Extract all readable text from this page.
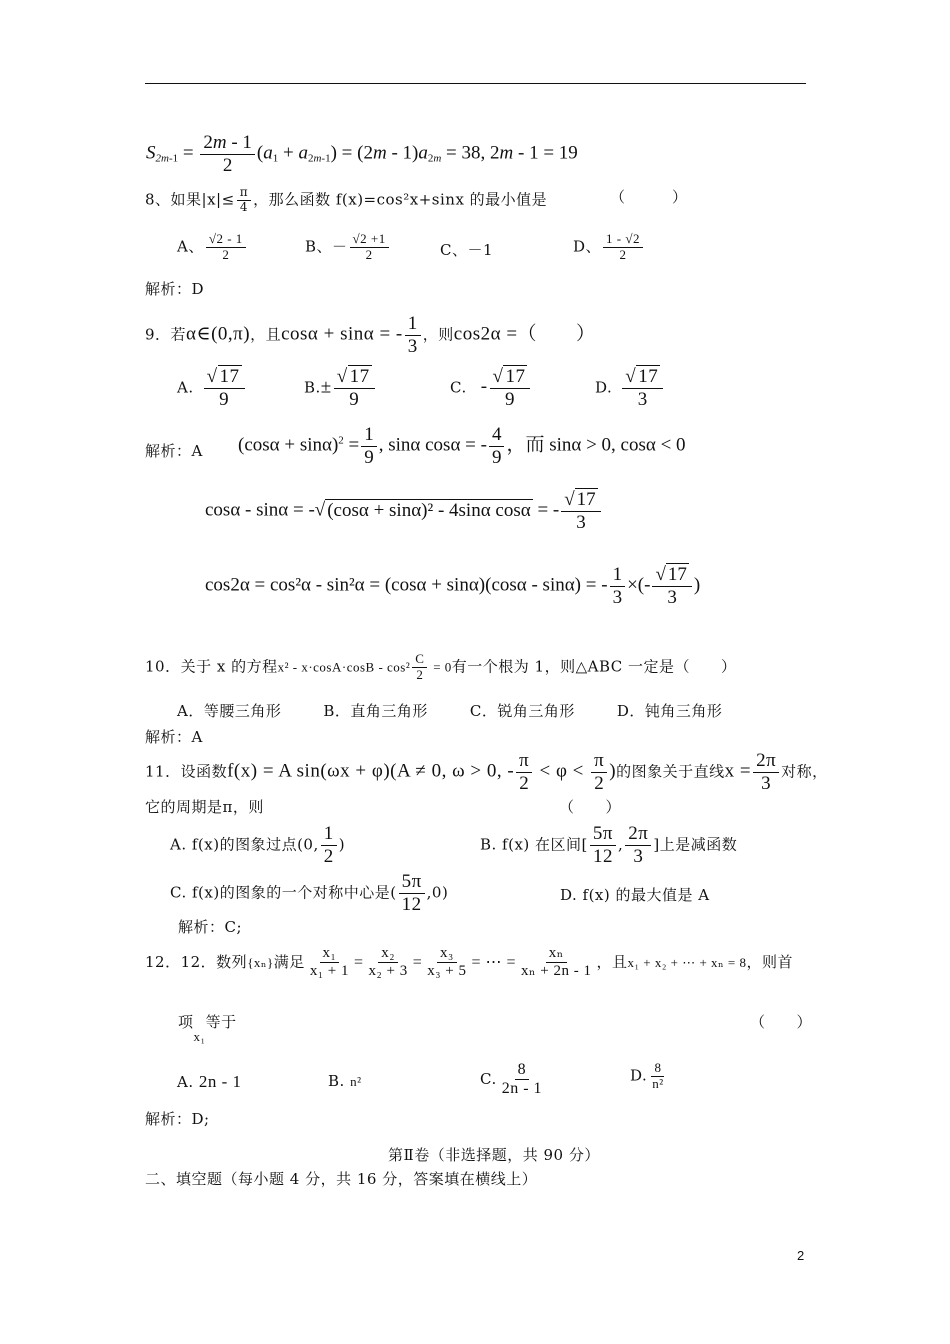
$S_{2m-1} = \frac{2m - 1}{2} (a_1 + a_{2m-1}) = (2m - 1)a_{2m} = 38$, 2m - 1 = 19
8、如果$|x|\le \frac{\pi}{4}$ ，那么函数 f(x)=cos²x+sinx 的最小值是	（　　　）
A、 $\frac{√2 - 1}{2}$	B、－ $\frac{√2 +1}{2}$	C、－1	D、 $\frac{1 - √2}{2}$
解析：D
9．若α∈(0,π)，且cosα + sinα = - $\frac{1}{3}$ ，则cos2α =（　　）
A. $\frac{√ 17}{9}$	$B.\pm \frac{√ 17}{9}$	C. - $\frac{√ 17}{9}$	D. $\frac{√ 17}{3}$
解析：A $(\cos\alpha + \sin\alpha)^2 = \frac{1}{9}$ , sinα cosα = - $\frac{4}{9}$ ，而 sinα > 0, cosα < 0
cosα - sinα = -√ (cosα + sinα)² - 4sinα cosα = - $\frac{√ 17}{3}$
cos2α = cos²α - sin²α = (cosα + sinα)(cosα - sinα) = - $\frac{1}{3}$ ×(- $\frac{√ 17}{3}$ )
10．关于 x 的方程$x^2 - x\cdot\cos A\cdot\cos B - \cos^2 \frac{C}{2} = 0$有一个根为 1，则△ABC 一定是（　　）
A．等腰三角形	B．直角三角形	C．锐角三角形	D．钝角三角形
解析：A
11．设函数f(x) = A sin(ωx + φ)(A ≠ 0, ω > 0, - $\frac{\pi}{2} < \varphi < \frac{\pi}{2}$ )的图象关于直线$x = \frac{2\pi}{3}$ 对称，
它的周期是π，则	（　　）
A. f(x)的图象过点(0, $\frac{1}{2}$ )	B. f(x) 在区间[ $\frac{5\pi}{12}$ , $\frac{2\pi}{3}$ ]上是减函数
C. f(x)的图象的一个对称中心是( $\frac{5\pi}{12} ,0$)	D. f(x) 的最大值是 A
解析：C;
12．12．数列{xₙ}满足 $\frac{\text{x₁}}{\text{x₁ + 1}} = \frac{\text{x₂}}{\text{x₂ + 3}} = \frac{\text{x₃}}{\text{x₃ + 5}}$ = ⋯ = $\frac{\text{xₙ}}{\text{xₙ + 2n - 1}}$ ，且x₁ + x₂ + ⋯ + xₙ = 8，则首
项x₁等于	（　　）
A. 2n - 1	B. n²	C. $\frac{8}{2n - 1}$	D. $\frac{8}{\text{n²}}$
解析：D;
第Ⅱ卷（非选择题，共 90 分）
二、填空题（每小题 4 分，共 16 分，答案填在横线上）
2
